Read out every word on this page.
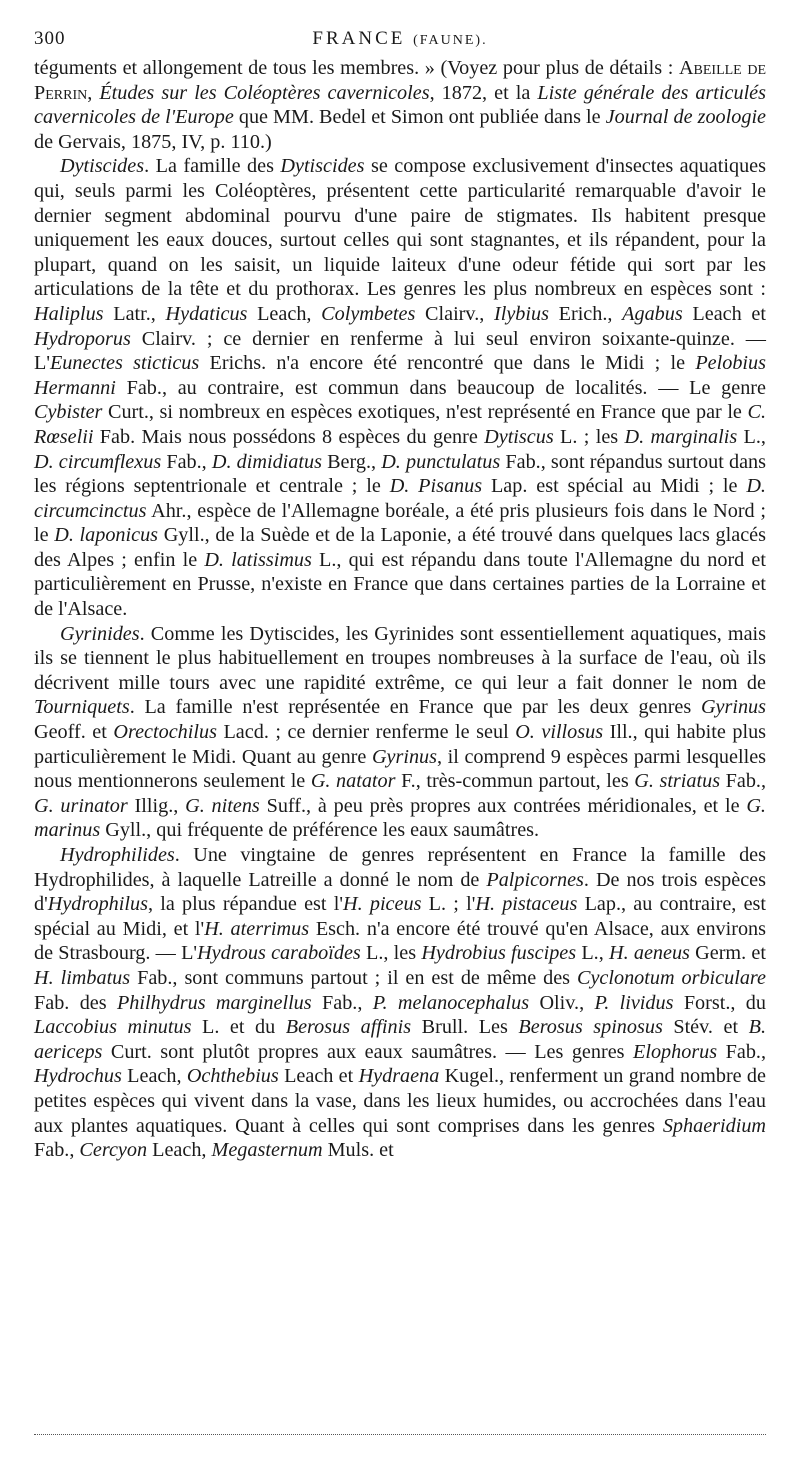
300	FRANCE (FAUNE).

téguments et allongement de tous les membres. » (Voyez pour plus de détails : Abeille de Perrin, Études sur les Coléoptères cavernicoles, 1872, et la Liste générale des articulés cavernicoles de l'Europe que MM. Bedel et Simon ont publiée dans le Journal de zoologie de Gervais, 1875, IV, p. 110.)

Dytiscides. La famille des Dytiscides se compose exclusivement d'insectes aquatiques qui, seuls parmi les Coléoptères, présentent cette particularité remarquable d'avoir le dernier segment abdominal pourvu d'une paire de stigmates. Ils habitent presque uniquement les eaux douces, surtout celles qui sont stagnantes, et ils répandent, pour la plupart, quand on les saisit, un liquide laiteux d'une odeur fétide qui sort par les articulations de la tête et du prothorax. Les genres les plus nombreux en espèces sont : Haliplus Latr., Hydaticus Leach, Colymbetes Clairv., Ilybius Erich., Agabus Leach et Hydroporus Clairv. ; ce dernier en renferme à lui seul environ soixante-quinze. — L'Eunectes sticticus Erichs. n'a encore été rencontré que dans le Midi ; le Pelobius Hermanni Fab., au contraire, est commun dans beaucoup de localités. — Le genre Cybister Curt., si nombreux en espèces exotiques, n'est représenté en France que par le C. Rœselii Fab. Mais nous possédons 8 espèces du genre Dytiscus L. ; les D. marginalis L., D. circumflexus Fab., D. dimidiatus Berg., D. punctulatus Fab., sont répandus surtout dans les régions septentrionale et centrale ; le D. Pisanus Lap. est spécial au Midi ; le D. circumcinctus Ahr., espèce de l'Allemagne boréale, a été pris plusieurs fois dans le Nord ; le D. laponicus Gyll., de la Suède et de la Laponie, a été trouvé dans quelques lacs glacés des Alpes ; enfin le D. latissimus L., qui est répandu dans toute l'Allemagne du nord et particulièrement en Prusse, n'existe en France que dans certaines parties de la Lorraine et de l'Alsace.

Gyrinides. Comme les Dytiscides, les Gyrinides sont essentiellement aquatiques, mais ils se tiennent le plus habituellement en troupes nombreuses à la surface de l'eau, où ils décrivent mille tours avec une rapidité extrême, ce qui leur a fait donner le nom de Tourniquets. La famille n'est représentée en France que par les deux genres Gyrinus Geoff. et Orectochilus Lacd. ; ce dernier renferme le seul O. villosus Ill., qui habite plus particulièrement le Midi. Quant au genre Gyrinus, il comprend 9 espèces parmi lesquelles nous mentionnerons seulement le G. natator F., très-commun partout, les G. striatus Fab., G. urinator Illig., G. nitens Suff., à peu près propres aux contrées méridionales, et le G. marinus Gyll., qui fréquente de préférence les eaux saumâtres.

Hydrophilides. Une vingtaine de genres représentent en France la famille des Hydrophilides, à laquelle Latreille a donné le nom de Palpicornes. De nos trois espèces d'Hydrophilus, la plus répandue est l'H. piceus L. ; l'H. pistaceus Lap., au contraire, est spécial au Midi, et l'H. aterrimus Esch. n'a encore été trouvé qu'en Alsace, aux environs de Strasbourg. — L'Hydrous caraboïdes L., les Hydrobius fuscipes L., H. aeneus Germ. et H. limbatus Fab., sont communs partout ; il en est de même des Cyclonotum orbiculare Fab. des Philhydrus marginellus Fab., P. melanocephalus Oliv., P. lividus Forst., du Laccobius minutus L. et du Berosus affinis Brull. Les Berosus spinosus Stév. et B. aericeps Curt. sont plutôt propres aux eaux saumâtres. — Les genres Elophorus Fab., Hydrochus Leach, Ochthebius Leach et Hydraena Kugel., renferment un grand nombre de petites espèces qui vivent dans la vase, dans les lieux humides, ou accrochées dans l'eau aux plantes aquatiques. Quant à celles qui sont comprises dans les genres Sphaeridium Fab., Cercyon Leach, Megasternum Muls. et
